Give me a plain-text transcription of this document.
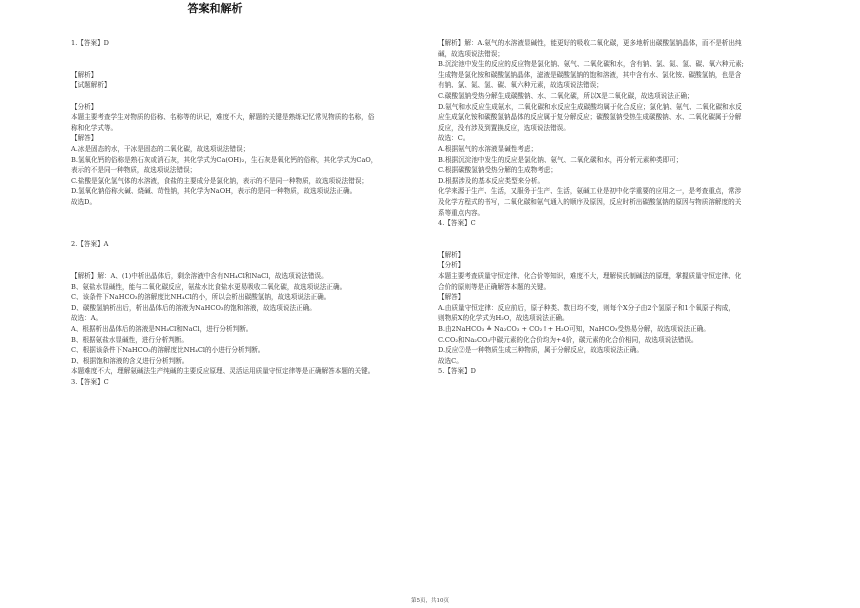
答案和解析
1.【答案】D
【解析】
【试题解析】
【分析】
本题主要考查学生对物质的俗称、名称等的识记，难度不大，解题的关键是熟练记忆常见物质的名称，俗
称和化学式等。
【解答】
A.冰是固态的水，干冰是固态的二氧化碳，故选项说法错误；
B.氢氧化钙的俗称是熟石灰或消石灰，其化学式为Ca(OH)₂，生石灰是氧化钙的俗称，其化学式为CaO，
表示的不是同一种物质，故选项说法错误；
C.盐酸是氯化氢气体的水溶液，食盐的主要成分是氯化钠，表示的不是同一种物质，故选项说法错误；
D.氢氧化钠俗称火碱、烧碱、苛性钠，其化学为NaOH，表示的是同一种物质，故选项说法正确。
故选D。
2.【答案】A
【解析】解：A、(1)中析出晶体后，剩余溶液中含有NH₄Cl和NaCl，故选项说法错误。
B、氨盐水显碱性，能与二氧化碳反应，氨盐水比食盐水更易吸收二氧化碳，故选项说法正确。
C、该条件下NaHCO₃的溶解度比NH₄Cl的小，所以会析出碳酸氢钠，故选项说法正确。
D、碳酸氢钠析出后，析出晶体后的溶液为NaHCO₃的饱和溶液，故选项说法正确。
故选：A。
A、根据析出晶体后的溶液是NH₄Cl和NaCl，进行分析判断。
B、根据氨盐水显碱性，进行分析判断。
C、根据该条件下NaHCO₃的溶解度比NH₄Cl的小进行分析判断。
D、根据饱和溶液的含义进行分析判断。
本题难度不大，理解氨碱法生产纯碱的主要反应原理、灵活运用质量守恒定律等是正确解答本题的关键。
3.【答案】C
【解析】解：A.氨气的水溶液显碱性，能更好的吸收二氧化碳，更多地析出碳酸氢钠晶体，而不是析出纯
碱，故选项说法错误；
B.沉淀池中发生的反应的反应物是氯化钠、氨气、二氧化碳和水，含有钠、氯、氮、氢、碳、氧六种元素;
生成物是氯化铵和碳酸氢钠晶体，滤液是碳酸氢钠的饱和溶液，其中含有水、氯化铵、碳酸氢钠，也是含
有钠、氯、氮、氢、碳、氧六种元素，故选项说法错误；
C.碳酸氢钠受热分解生成碳酸钠、水、二氧化碳，所以X是二氧化碳，故选项说法正确；
D.氨气和水反应生成氨水，二氧化碳和水反应生成碳酸均属于化合反应；氯化钠、氨气、二氧化碳和水反
应生成氯化铵和碳酸氢钠晶体的反应属于复分解反应；碳酸氢钠受热生成碳酸钠、水、二氧化碳属于分解
反应，没有涉及到置换反应，选项说法错误。
故选：C。
A.根据氨气的水溶液显碱性考虑；
B.根据沉淀池中发生的反应是氯化钠、氨气、二氧化碳和水，再分析元素种类即可；
C.根据碳酸氢钠受热分解的生成物考虑；
D.根据涉及的基本反应类型来分析。
化学来源于生产、生活，又服务于生产、生活，氨碱工业是初中化学重要的应用之一，是考查重点，常涉
及化学方程式的书写，二氧化碳和氨气通入的顺序及原因，反应时析出碳酸氢钠的原因与物质溶解度的关
系等重点内容。
4.【答案】C
【解析】
【分析】
本题主要考查质量守恒定律、化合价等知识，难度不大，理解侯氏制碱法的原理，掌握质量守恒定律、化
合价的原则等是正确解答本题的关键。
【解答】
A.由质量守恒定律：反应前后，原子种类、数目均不变，则每个X分子由2个氢原子和1个氧原子构成，
则物质X的化学式为H₂O，故选项说法正确。
B.由2NaHCO₃ ≜ Na₂CO₃ + CO₂↑+ H₂O可知，NaHCO₃受热易分解，故选项说法正确。
C.CO₂和Na₂CO₃中碳元素的化合价均为+4价，碳元素的化合价相同，故选项说法错误。
D.反应②是一种物质生成三种物质，属于分解反应，故选项说法正确。
故选C。
5.【答案】D
第5页，共10页
